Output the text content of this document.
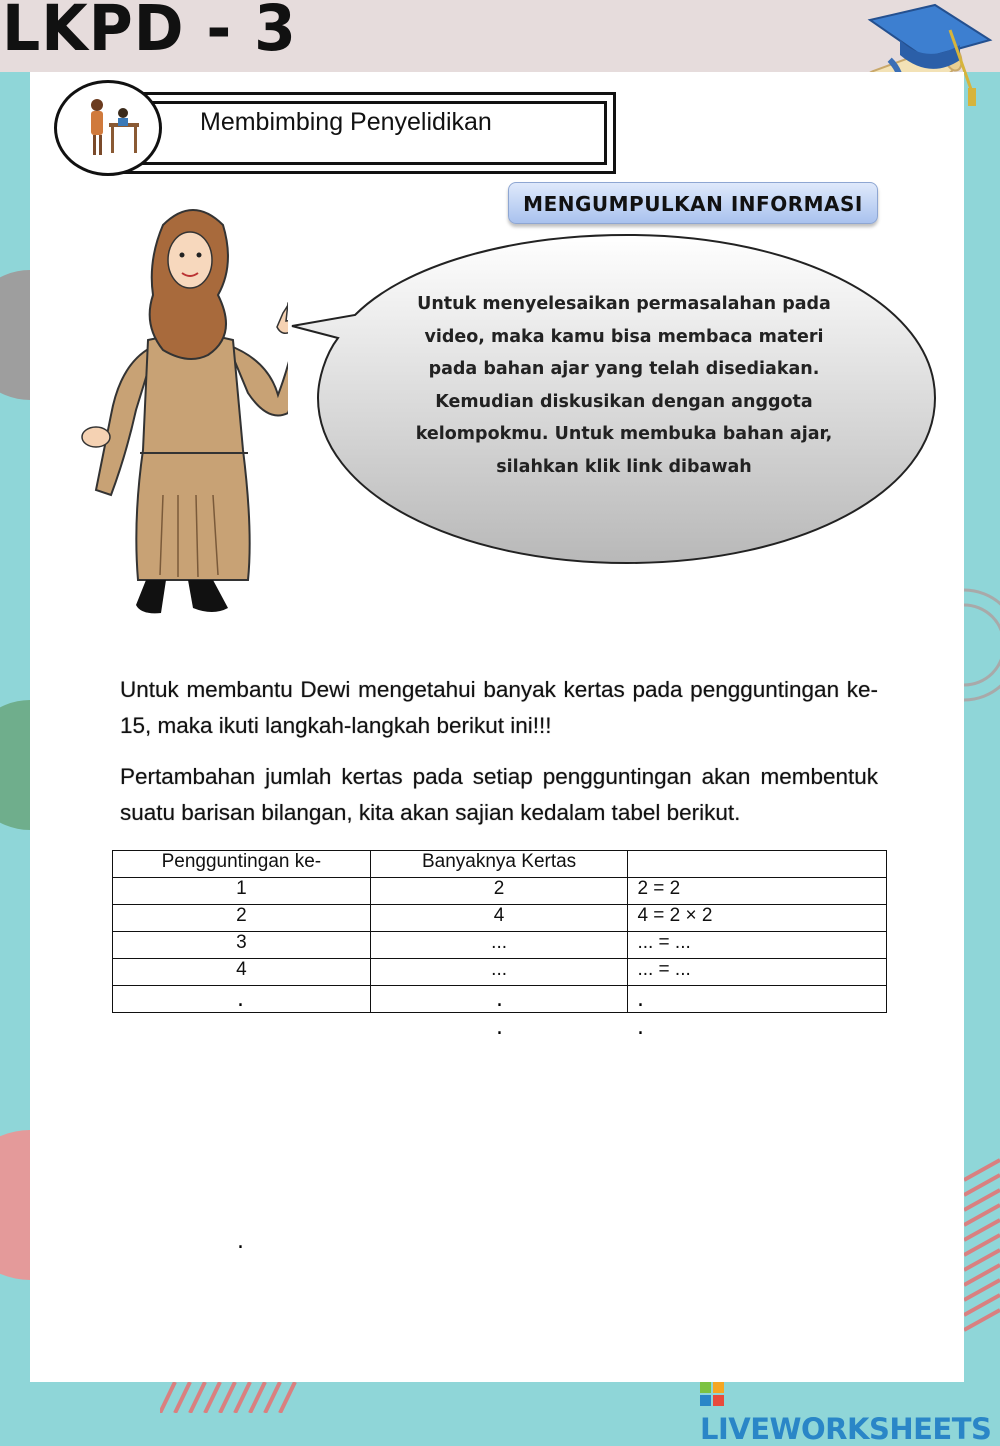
LKPD - 3
Membimbing Penyelidikan
MENGUMPULKAN INFORMASI
Untuk menyelesaikan permasalahan pada
video, maka kamu bisa membaca materi
pada bahan ajar yang telah disediakan.
Kemudian diskusikan dengan anggota
kelompokmu. Untuk membuka bahan ajar,
silahkan klik link dibawah
Untuk membantu Dewi mengetahui banyak kertas pada pengguntingan ke-15, maka ikuti langkah-langkah berikut ini!!!
Pertambahan jumlah kertas pada setiap pengguntingan akan membentuk suatu barisan bilangan, kita akan sajian kedalam tabel berikut.
Pengguntingan ke-	Banyaknya Kertas	
1	2	2 = 2
2	4	4 = 2 × 2
3	...	... = ...
4	...	... = ...

.
.
.
.
.
.
LIVEWORKSHEETS
